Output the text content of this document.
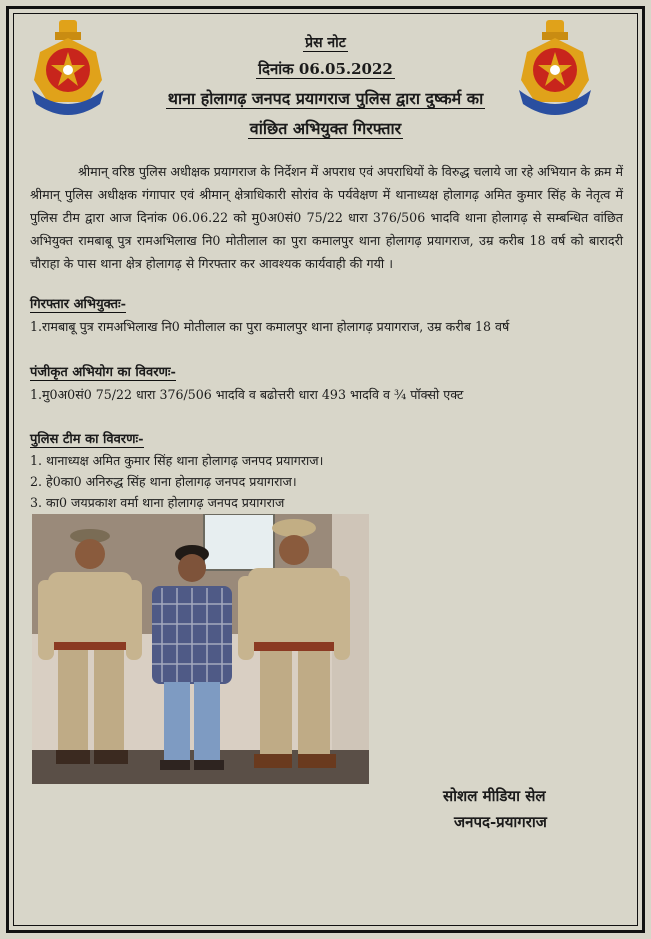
प्रेस नोट
दिनांक 06.05.2022
थाना होलागढ़ जनपद प्रयागराज पुलिस द्वारा दुष्कर्म का
वांछित अभियुक्त गिरफ्तार
श्रीमान् वरिष्ठ पुलिस अधीक्षक प्रयागराज के निर्देशन में अपराध एवं अपराधियों के विरुद्ध चलाये जा रहे अभियान के क्रम में श्रीमान् पुलिस अधीक्षक गंगापार एवं श्रीमान् क्षेत्राधिकारी सोरांव के पर्यवेक्षण में थानाध्यक्ष होलागढ़ अमित कुमार सिंह के नेतृत्व में पुलिस टीम द्वारा आज दिनांक 06.06.22 को मु0अ0सं0 75/22 धारा 376/506 भादवि थाना होलागढ़ से सम्बन्धित वांछित अभियुक्त रामबाबू पुत्र रामअभिलाख नि0 मोतीलाल का पुरा कमालपुर थाना होलागढ़ प्रयागराज, उम्र करीब 18 वर्ष को बारादरी चौराहा के पास थाना क्षेत्र होलागढ़ से गिरफ्तार कर आवश्यक कार्यवाही की गयी ।
गिरफ्तार अभियुक्तः-
1.रामबाबू पुत्र रामअभिलाख नि0 मोतीलाल का पुरा कमालपुर थाना होलागढ़ प्रयागराज, उम्र करीब 18 वर्ष
पंजीकृत अभियोग का विवरणः-
1.मु0अ0सं0 75/22 धारा 376/506 भादवि व बढोत्तरी धारा 493 भादवि व ¾ पॉक्सो एक्ट
पुलिस टीम का विवरणः-
1. थानाध्यक्ष अमित कुमार सिंह थाना होलागढ़ जनपद प्रयागराज।
2. हे0का0 अनिरुद्ध सिंह थाना होलागढ़ जनपद प्रयागराज।
3. का0 जयप्रकाश वर्मा थाना होलागढ़ जनपद प्रयागराज
सोशल मीडिया सेल
जनपद-प्रयागराज
